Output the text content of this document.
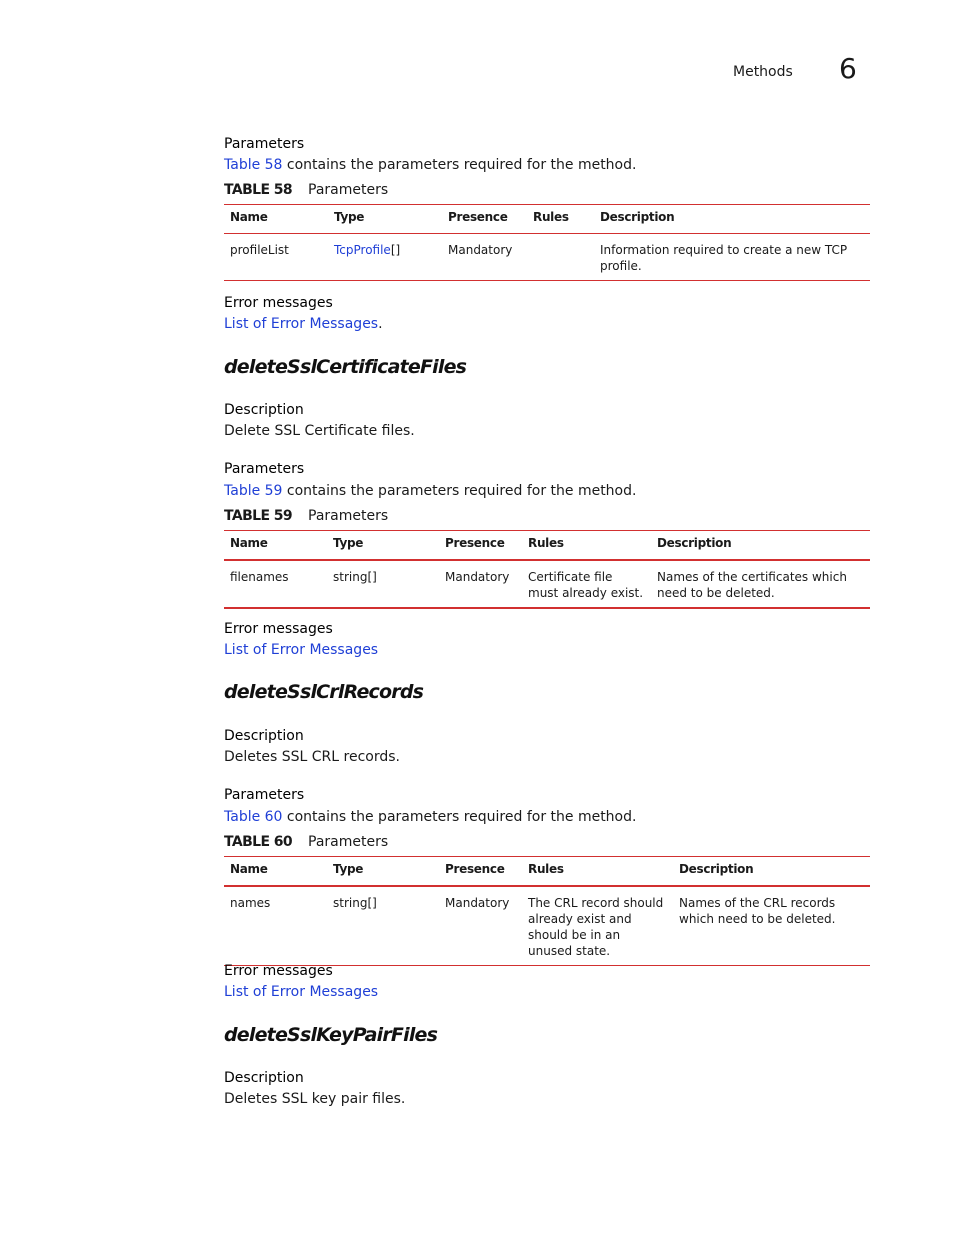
Methods 6
Parameters
Table 58 contains the parameters required for the method.
TABLE 58 Parameters
Name	Type	Presence	Rules	Description
profileList	TcpProfile[]	Mandatory		Information required to create a new TCP profile.
Error messages
List of Error Messages.
deleteSslCertificateFiles
Description
Delete SSL Certificate files.
Parameters
Table 59 contains the parameters required for the method.
TABLE 59 Parameters
Name	Type	Presence	Rules	Description
filenames	string[]	Mandatory	Certificate file must already exist.	Names of the certificates which need to be deleted.
Error messages
List of Error Messages
deleteSslCrlRecords
Description
Deletes SSL CRL records.
Parameters
Table 60 contains the parameters required for the method.
TABLE 60 Parameters
Name	Type	Presence	Rules	Description
names	string[]	Mandatory	The CRL record should already exist and should be in an unused state.	Names of the CRL records which need to be deleted.
Error messages
List of Error Messages
deleteSslKeyPairFiles
Description
Deletes SSL key pair files.
